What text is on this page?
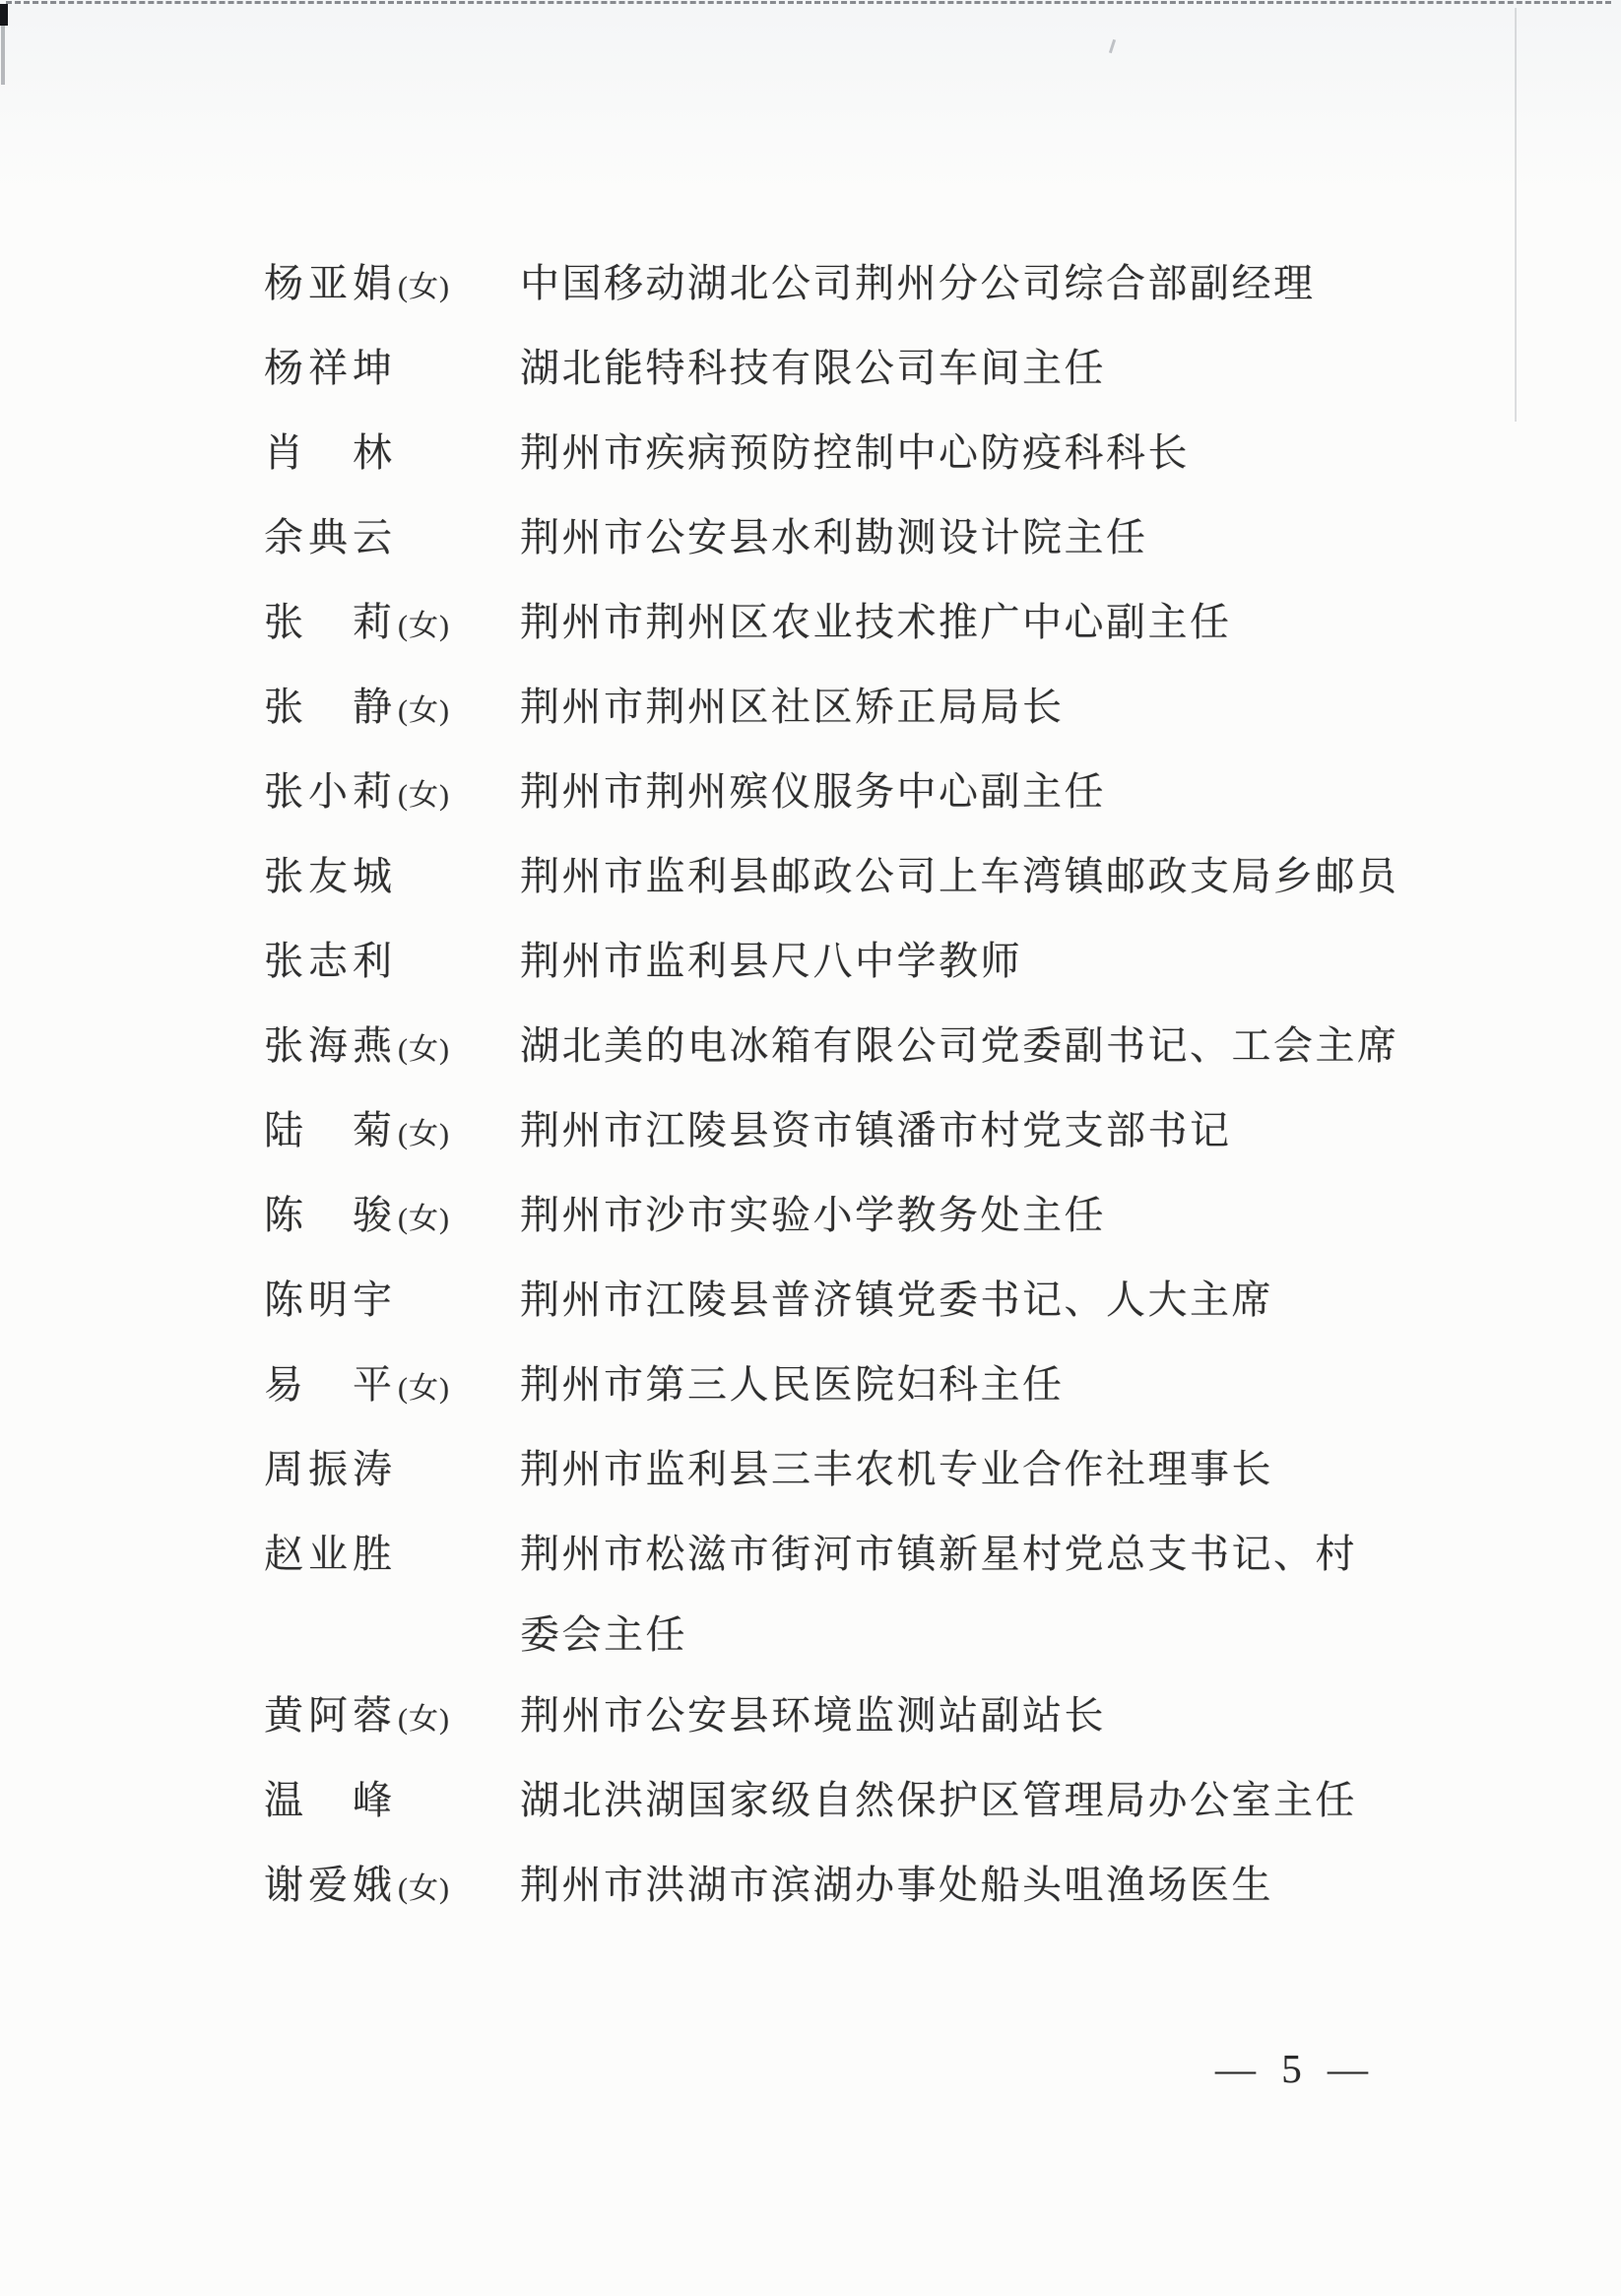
杨亚娟(女)	中国移动湖北公司荆州分公司综合部副经理
杨祥坤	湖北能特科技有限公司车间主任
肖　林	荆州市疾病预防控制中心防疫科科长
余典云	荆州市公安县水利勘测设计院主任
张　莉(女)	荆州市荆州区农业技术推广中心副主任
张　静(女)	荆州市荆州区社区矫正局局长
张小莉(女)	荆州市荆州殡仪服务中心副主任
张友城	荆州市监利县邮政公司上车湾镇邮政支局乡邮员
张志利	荆州市监利县尺八中学教师
张海燕(女)	湖北美的电冰箱有限公司党委副书记、工会主席
陆　菊(女)	荆州市江陵县资市镇潘市村党支部书记
陈　骏(女)	荆州市沙市实验小学教务处主任
陈明宇	荆州市江陵县普济镇党委书记、人大主席
易　平(女)	荆州市第三人民医院妇科主任
周振涛	荆州市监利县三丰农机专业合作社理事长
赵业胜	荆州市松滋市街河市镇新星村党总支书记、村
委会主任
黄阿蓉(女)	荆州市公安县环境监测站副站长
温　峰	湖北洪湖国家级自然保护区管理局办公室主任
谢爱娥(女)	荆州市洪湖市滨湖办事处船头咀渔场医生
— 5 —
